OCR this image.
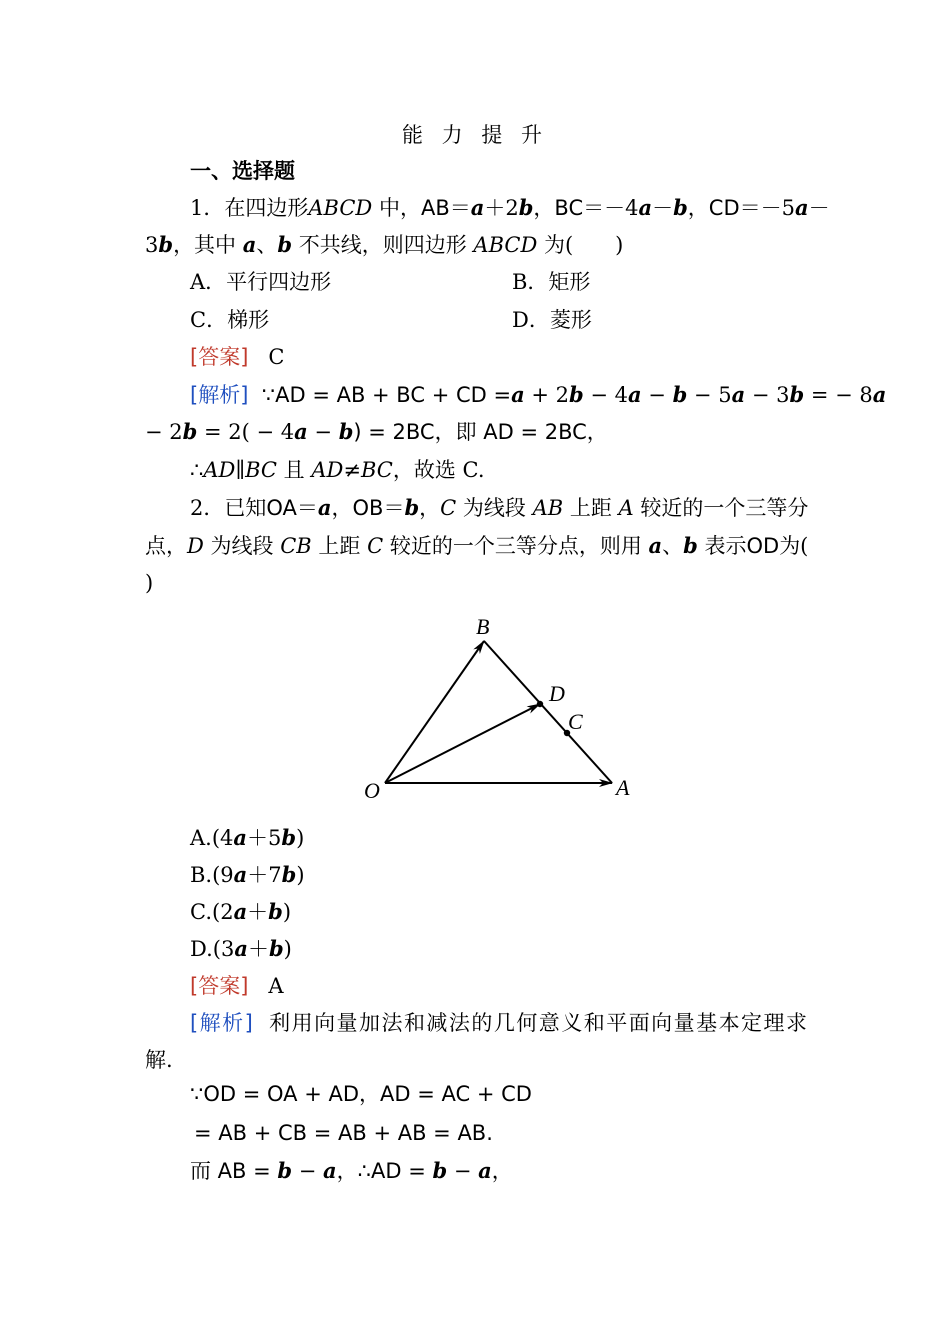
能 力 提 升
一、选择题
1．在四边形ABCD 中，AB＝a＋2b，BC＝－4a－b，CD＝－5a－
3b，其中 a、b 不共线，则四边形 ABCD 为(　　)
A．平行四边形	B．矩形
C．梯形	D．菱形
[答案] C
[解析] ∵AD = AB + BC + CD =a + 2b − 4a − b − 5a − 3b = − 8a
− 2b = 2( − 4a − b) = 2BC，即 AD = 2BC，
∴AD∥BC 且 AD≠BC，故选 C.
2．已知OA＝a，OB＝b，C 为线段 AB 上距 A 较近的一个三等分
点，D 为线段 CB 上距 C 较近的一个三等分点，则用 a、b 表示OD为(
)
B
D
C
O	A
A.(4a＋5b)
B.(9a＋7b)
C.(2a＋b)
D.(3a＋b)
[答案] A
[解析] 利用向量加法和减法的几何意义和平面向量基本定理求
解.
∵OD = OA + AD，AD = AC + CD
= AB + CB = AB + AB = AB.
而 AB = b − a，∴AD = b − a，
